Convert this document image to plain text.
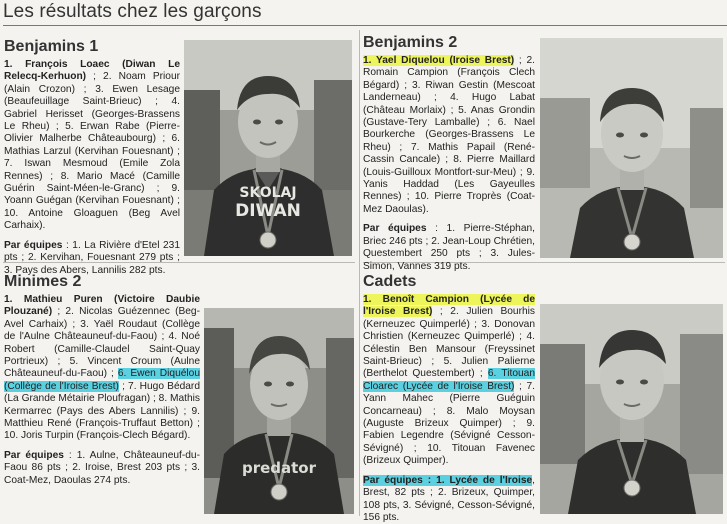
Les résultats chez les garçons
Benjamins 1

1. François Loaec (Diwan Le Relecq-Kerhuon) ; 2. Noam Priour (Alain Crozon) ; 3. Ewen Lesage (Beaufeuillage Saint-Brieuc) ; 4. Gabriel Herisset (Georges-Brassens Le Rheu) ; 5. Erwan Rabe (Pierre-Olivier Malherbe Châteaubourg) ; 6. Mathias Larzul (Kervihan Fouesnant) ; 7. Iswan Mesmoud (Emile Zola Rennes) ; 8. Mario Macé (Camille Guérin Saint-Méen-le-Granc) ; 9. Yoann Guégan (Kervihan Fouesnant) ; 10. Antoine Gloaguen (Beg Avel Carhaix).

Par équipes : 1. La Rivière d'Etel 231 pts ; 2. Kervihan, Fouesnant 279 pts ; 3. Pays des Abers, Lannilis 282 pts.

SKOLAJ
DIWAN
Benjamins 2

1. Yael Diquelou (Iroise Brest) ; 2. Romain Campion (François Clech Bégard) ; 3. Riwan Gestin (Mescoat Landerneau) ; 4. Hugo Labat (Château Morlaix) ; 5. Anas Grondin (Gustave-Tery Lamballe) ; 6. Nael Bourkerche (Georges-Brassens Le Rheu) ; 7. Mathis Papail (René-Cassin Cancale) ; 8. Pierre Maillard (Louis-Guilloux Montfort-sur-Meu) ; 9. Yanis Haddad (Les Gayeulles Rennes) ; 10. Pierre Troprès (Coat-Mez Daoulas).

Par équipes : 1. Pierre-Stéphan, Briec 246 pts ; 2. Jean-Loup Chrétien, Questembert 250 pts ; 3. Jules-Simon, Vannes 319 pts.

Minimes 2

1. Mathieu Puren (Victoire Daubie Plouzané) ; 2. Nicolas Guézennec (Beg-Avel Carhaix) ; 3. Yaël Roudaut (Collège de l'Aulne Châteauneuf-du-Faou) ; 4. Noé Robert (Camille-Claudel Saint-Quay Portrieux) ; 5. Vincent Croum (Aulne Châteauneuf-du-Faou) ; 6. Ewen Diquélou (Collège de l'Iroise Brest) ; 7. Hugo Bédard (La Grande Métairie Ploufragan) ; 8. Mathis Kermarrec (Pays des Abers Lannilis) ; 9. Matthieu René (François-Truffaut Betton) ; 10. Joris Turpin (François-Clech Bégard).

Par équipes : 1. Aulne, Châteauneuf-du-Faou 86 pts ; 2. Iroise, Brest 203 pts ; 3. Coat-Mez, Daoulas 274 pts.

predator
Cadets

1. Benoît Campion (Lycée de l'Iroise Brest) ; 2. Julien Bourhis (Kerneuzec Quimperlé) ; 3. Donovan Christien (Kerneuzec Quimperlé) ; 4. Célestin Ben Mansour (Freyssinet Saint-Brieuc) ; 5. Julien Palierne (Berthelot Questembert) ; 6. Titouan Cloarec (Lycée de l'Iroise Brest) ; 7. Yann Mahec (Pierre Guéguin Concarneau) ; 8. Malo Moysan (Auguste Brizeux Quimper) ; 9. Fabien Legendre (Sévigné Cesson-Sévigné) ; 10. Titouan Favenec (Brizeux Quimper).

Par équipes : 1. Lycée de l'Iroise, Brest, 82 pts ; 2. Brizeux, Quimper, 108 pts, 3. Sévigné, Cesson-Sévigné, 156 pts.
